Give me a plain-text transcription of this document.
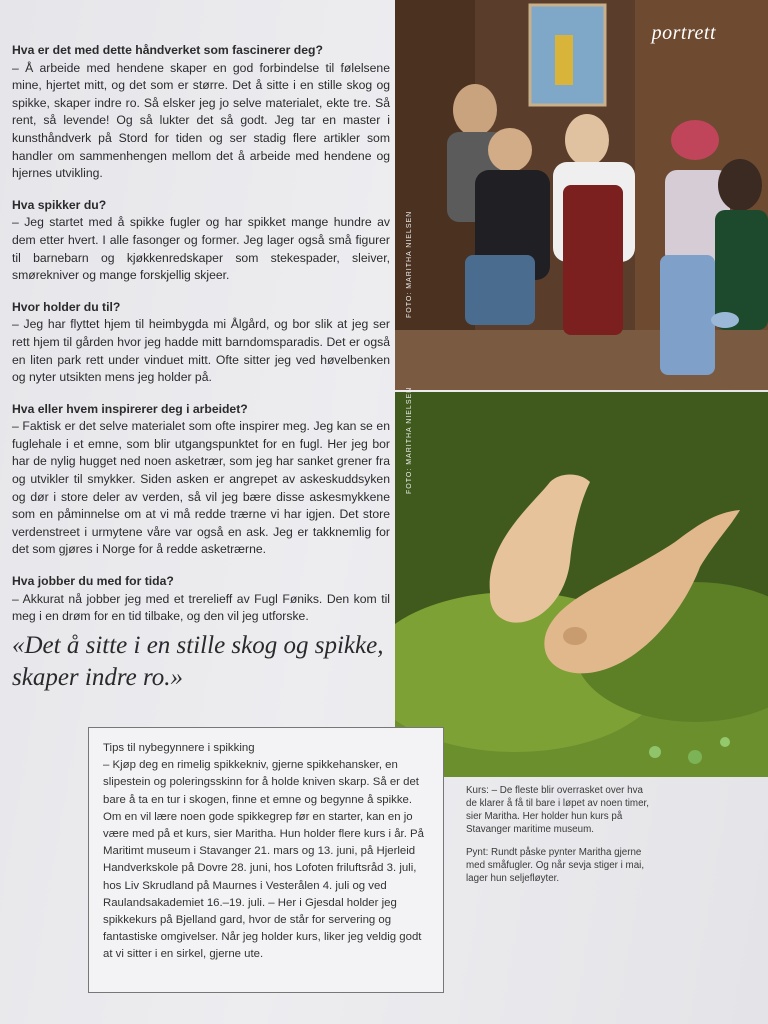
Hva er det med dette håndverket som fascinerer deg?

– Å arbeide med hendene skaper en god forbindelse til følelsene mine, hjertet mitt, og det som er større. Det å sitte i en stille skog og spikke, skaper indre ro. Så elsker jeg jo selve materialet, ekte tre. Så rent, så levende! Og så lukter det så godt. Jeg tar en master i kunsthåndverk på Stord for tiden og ser stadig flere artikler som handler om sammenhengen mellom det å arbeide med hendene og hjernes utvikling.

Hva spikker du?

– Jeg startet med å spikke fugler og har spikket mange hundre av dem etter hvert. I alle fasonger og former. Jeg lager også små figurer til barnebarn og kjøkkenredskaper som stekespader, sleiver, smørekniver og mange forskjellig skjeer.

Hvor holder du til?

– Jeg har flyttet hjem til heimbygda mi Ålgård, og bor slik at jeg ser rett hjem til gården hvor jeg hadde mitt barndomsparadis. Det er også en liten park rett under vinduet mitt. Ofte sitter jeg ved høvelbenken og nyter utsikten mens jeg holder på.

Hva eller hvem inspirerer deg i arbeidet?

– Faktisk er det selve materialet som ofte inspirer meg. Jeg kan se en fuglehale i et emne, som blir utgangspunktet for en fugl. Her jeg bor har de nylig hugget ned noen asketrær, som jeg har sanket grener fra og utvikler til smykker. Siden asken er angrepet av askeskuddsyken og dør i store deler av verden, så vil jeg bære disse askesmykkene som en påminnelse om at vi må redde trærne vi har igjen. Det store verdenstreet i urmytene våre var også en ask. Jeg er takknemlig for det som gjøres i Norge for å redde asketrærne.

Hva jobber du med for tida?

– Akkurat nå jobber jeg med et trerelieff av Fugl Føniks. Den kom til meg i en drøm for en tid tilbake, og den vil jeg utforske.

«Det å sitte i en stille skog og spikke, skaper indre ro.»
portrett
FOTO: MARITHA NIELSEN
FOTO: MARITHA NIELSEN

Tips til nybegynnere i spikking

– Kjøp deg en rimelig spikkekniv, gjerne spikkehansker, en slipestein og poleringsskinn for å holde kniven skarp. Så er det bare å ta en tur i skogen, finne et emne og begynne å spikke. Om en vil lære noen gode spikkegrep før en starter, kan en jo være med på et kurs, sier Maritha. Hun holder flere kurs i år. På Maritimt museum i Stavanger 21. mars og 13. juni, på Hjerleid Handverkskole på Dovre 28. juni, hos Lofoten friluftsråd 3. juli, hos Liv Skrudland på Maurnes i Vesterålen 4. juli og ved Raulandsakademiet 16.–19. juli. – Her i Gjesdal holder jeg spikkekurs på Bjelland gard, hvor de står for servering og fantastiske omgivelser. Når jeg holder kurs, liker jeg veldig godt at vi sitter i en sirkel, gjerne ute.

Kurs: – De fleste blir overrasket over hva de klarer å få til bare i løpet av noen timer, sier Maritha. Her holder hun kurs på Stavanger maritime museum.

Pynt: Rundt påske pynter Maritha gjerne med småfugler. Og når sevja stiger i mai, lager hun seljefløyter.
